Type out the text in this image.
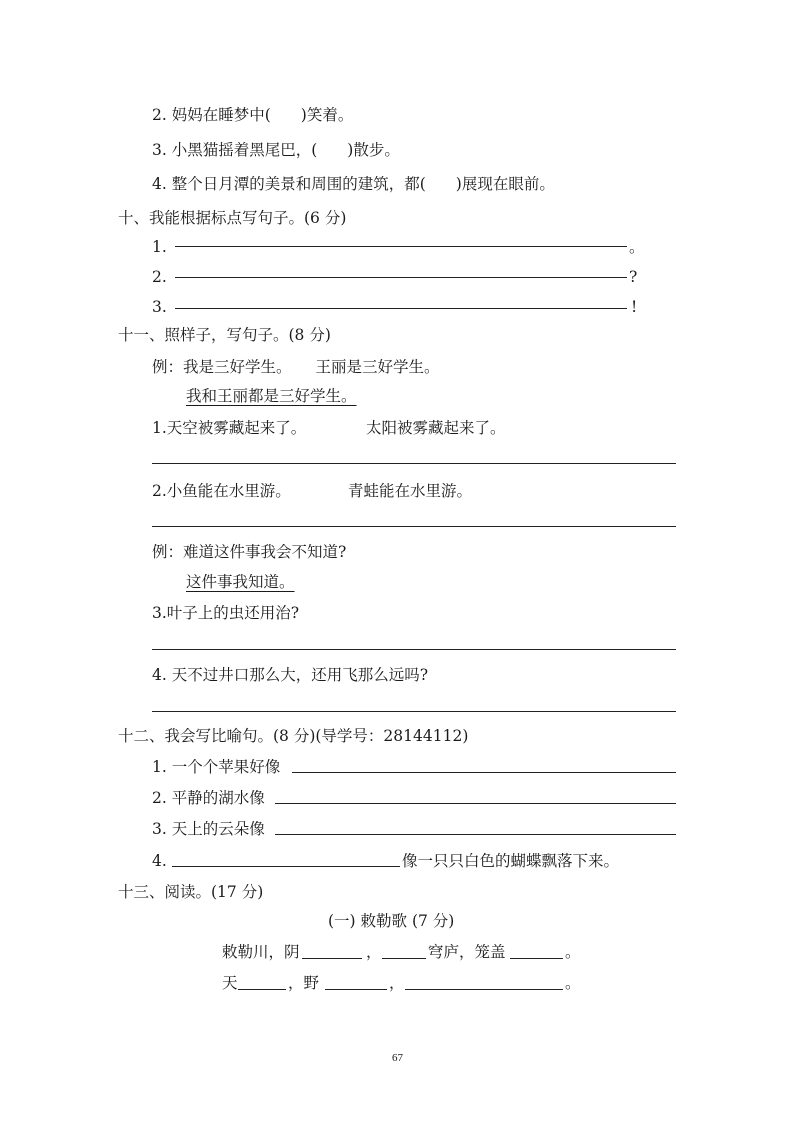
2. 妈妈在睡梦中( )笑着。
3. 小黑猫摇着黑尾巴，( )散步。
4. 整个日月潭的美景和周围的建筑，都( )展现在眼前。
十、我能根据标点写句子。(6 分)
1.	。
2.	?
3.	!
十一、照样子，写句子。(8 分)
例：我是三好学生。 王丽是三好学生。
我和王丽都是三好学生。
1.天空被雾藏起来了。	太阳被雾藏起来了。
2.小鱼能在水里游。	青蛙能在水里游。
例：难道这件事我会不知道?
这件事我知道。
3.叶子上的虫还用治?
4. 天不过井口那么大，还用飞那么远吗?
十二、我会写比喻句。(8 分)(导学号：28144112)
1. 一个个苹果好像
2. 平静的湖水像
3. 天上的云朵像
4.	像一只只白色的蝴蝶飘落下来。
十三、阅读。(17 分)
(一) 敕勒歌 (7 分)
敕勒川，阴	，	穹庐，笼盖	。
天	，野	，	。
67
